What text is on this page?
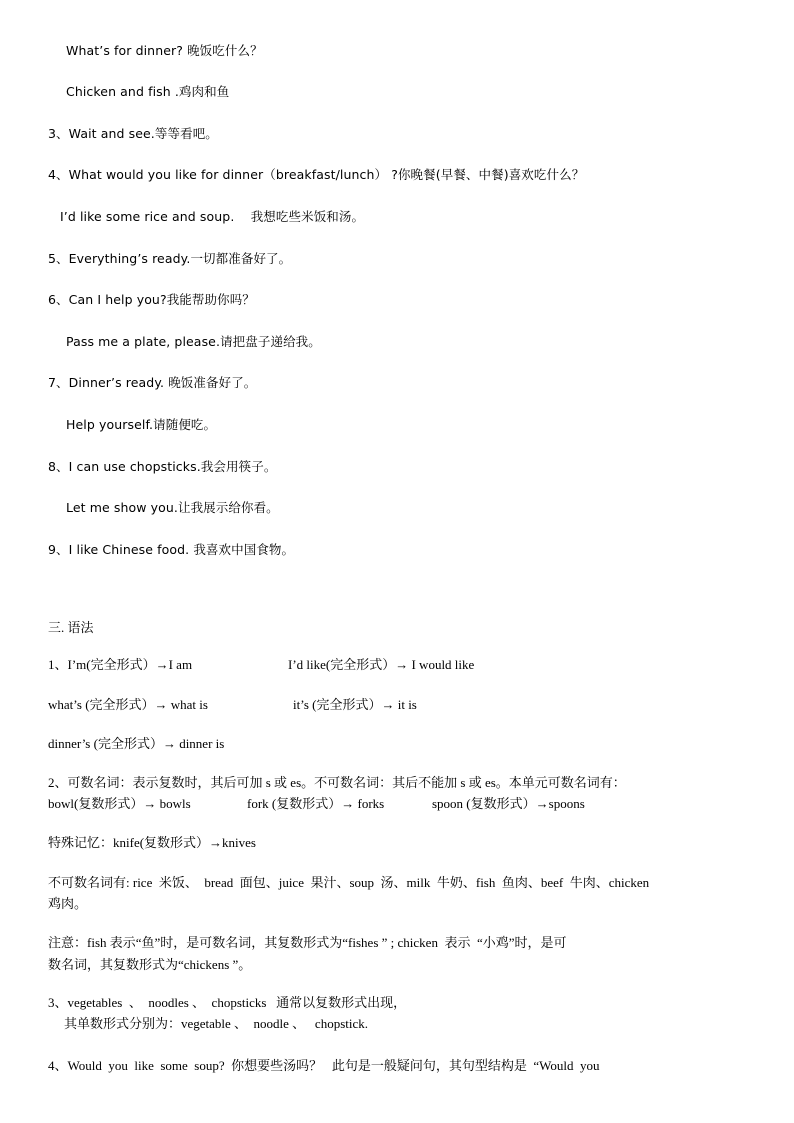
What’s for dinner? 晚饭吃什么？
Chicken and fish .鸡肉和鱼
3、Wait and see.等等看吧。
4、What would you like for dinner（breakfast/lunch） ?你晚餐(早餐、中餐)喜欢吃什么？
I’d like some rice and soup.    我想吃些米饭和汤。
5、Everything’s ready.一切都准备好了。
6、Can I help you?我能帮助你吗？
Pass me a plate, please.请把盘子递给我。
7、Dinner’s ready. 晚饭准备好了。
Help yourself.请随便吃。
8、I can use chopsticks.我会用筷子。
Let me show you.让我展示给你看。
9、I like Chinese food. 我喜欢中国食物。
三. 语法
1、I’m(完全形式）→I am	I’d like(完全形式）→ I would like
what’s (完全形式）→ what is	it’s (完全形式）→ it is
dinner’s (完全形式）→ dinner is
2、可数名词：表示复数时，其后可加 s 或 es。不可数名词：其后不能加 s 或 es。本单元可数名词有：
bowl(复数形式）→ bowls	fork (复数形式）→ forks	spoon (复数形式）→spoons
特殊记忆：knife(复数形式）→knives
不可数名词有: rice  米饭、  bread  面包、juice  果汁、soup  汤、milk  牛奶、fish  鱼肉、beef  牛肉、chicken
鸡肉。
注意：fish 表示“鱼”时，是可数名词，其复数形式为“fishes ” ; chicken  表示  “小鸡”时，是可
数名词，其复数形式为“chickens ”。
3、vegetables  、  noodles 、  chopsticks   通常以复数形式出现，
其单数形式分别为：vegetable 、  noodle 、   chopstick.
4、Would  you  like  some  soup?  你想要些汤吗？   此句是一般疑问句，其句型结构是  “Would  you
